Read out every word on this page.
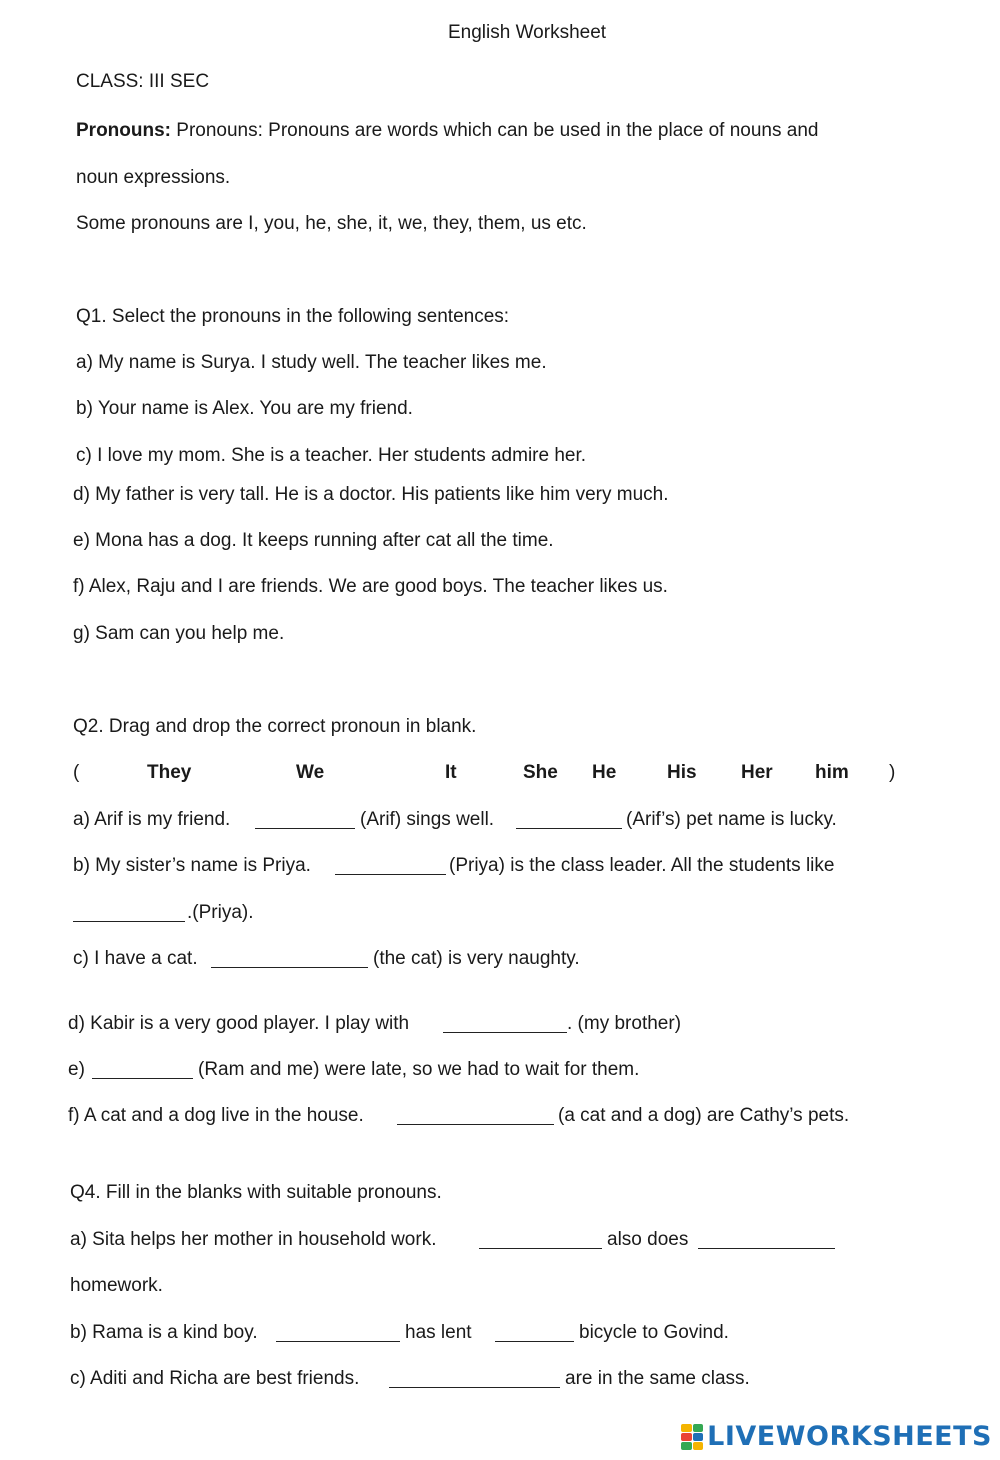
English Worksheet
CLASS: III SEC
Pronouns: Pronouns: Pronouns are words which can be used in the place of nouns and
noun expressions.
Some pronouns are I, you, he, she, it, we, they, them, us etc.
Q1. Select the pronouns in the following sentences:
a) My name is Surya. I study well. The teacher likes me.
b) Your name is Alex. You are my friend.
c) I love my mom. She is a teacher. Her students admire her.
d) My father is very tall. He is a doctor. His patients like him very much.
e) Mona has a dog. It keeps running after cat all the time.
f) Alex, Raju and I are friends. We are good boys. The teacher likes us.
g) Sam can you help me.
Q2. Drag and drop the correct pronoun in blank.
(	They	We	It	She He	His Her him )
a) Arif is my friend.	(Arif) sings well.	(Arif’s) pet name is lucky.
b) My sister’s name is Priya.	(Priya) is the class leader. All the students like
.(Priya).
c) I have a cat.	(the cat) is very naughty.
d) Kabir is a very good player. I play with	. (my brother)
e)	(Ram and me) were late, so we had to wait for them.
f) A cat and a dog live in the house.	(a cat and a dog) are Cathy’s pets.
Q4. Fill in the blanks with suitable pronouns.
a) Sita helps her mother in household work.	also does
homework.
b) Rama is a kind boy.	has lent	bicycle to Govind.
c) Aditi and Richa are best friends.	are in the same class.
LIVEWORKSHEETS
